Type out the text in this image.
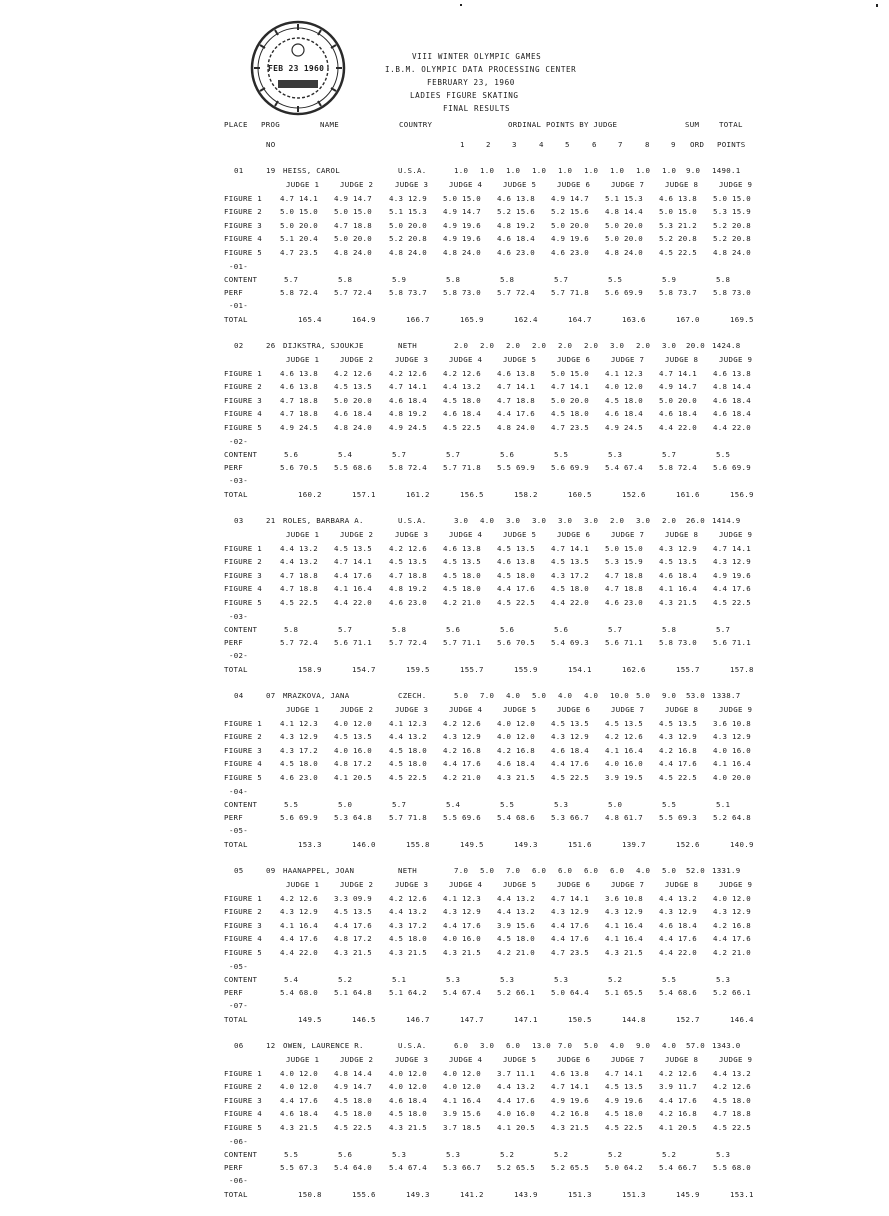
FEB 23 1960
VIII WINTER OLYMPIC GAMES
I.B.M. OLYMPIC DATA PROCESSING CENTER
FEBRUARY 23, 1960
LADIES FIGURE SKATING
FINAL RESULTS
PLACE PROG	NAME	COUNTRY	ORDINAL POINTS BY JUDGE	SUM	TOTAL
NO	1	2	3	4	5	6	7	8	9 ORD POINTS
01	19 HEISS, CAROL	U.S.A.	1.0 1.0 1.0 1.0 1.0 1.0 1.0 1.0 1.0 9.0 1490.1
JUDGE 1	JUDGE 2	JUDGE 3	JUDGE 4	JUDGE 5	JUDGE 6	JUDGE 7	JUDGE 8	JUDGE 9
FIGURE 1 4.7 14.1 4.9 14.7 4.3 12.9 5.0 15.0 4.6 13.8 4.9 14.7 5.1 15.3 4.6 13.8 5.0 15.0
FIGURE 2 5.0 15.0 5.0 15.0 5.1 15.3 4.9 14.7 5.2 15.6 5.2 15.6 4.8 14.4 5.0 15.0 5.3 15.9
FIGURE 3 5.0 20.0 4.7 18.8 5.0 20.0 4.9 19.6 4.8 19.2 5.0 20.0 5.0 20.0 5.3 21.2 5.2 20.8
FIGURE 4 5.1 20.4 5.0 20.0 5.2 20.8 4.9 19.6 4.6 18.4 4.9 19.6 5.0 20.0 5.2 20.8 5.2 20.8
FIGURE 5 4.7 23.5 4.8 24.0 4.8 24.0 4.8 24.0 4.6 23.0 4.6 23.0 4.8 24.0 4.5 22.5 4.8 24.0
-01-
CONTENT	5.7	5.8	5.9	5.8	5.8	5.7	5.5	5.9	5.8
PERF	5.8 72.4 5.7 72.4 5.8 73.7 5.8 73.0 5.7 72.4 5.7 71.8 5.6 69.9 5.8 73.7 5.8 73.0
-01-
TOTAL	165.4	164.9	166.7	165.9	162.4	164.7	163.6	167.0	169.5
02	26 DIJKSTRA, SJOUKJE	NETH	2.0 2.0 2.0 2.0 2.0 2.0 3.0 2.0 3.0 20.0 1424.8
JUDGE 1	JUDGE 2	JUDGE 3	JUDGE 4	JUDGE 5	JUDGE 6	JUDGE 7	JUDGE 8	JUDGE 9
FIGURE 1 4.6 13.8 4.2 12.6 4.2 12.6 4.2 12.6 4.6 13.8 5.0 15.0 4.1 12.3 4.7 14.1 4.6 13.8
FIGURE 2 4.6 13.8 4.5 13.5 4.7 14.1 4.4 13.2 4.7 14.1 4.7 14.1 4.0 12.0 4.9 14.7 4.8 14.4
FIGURE 3 4.7 18.8 5.0 20.0 4.6 18.4 4.5 18.0 4.7 18.8 5.0 20.0 4.5 18.0 5.0 20.0 4.6 18.4
FIGURE 4 4.7 18.8 4.6 18.4 4.8 19.2 4.6 18.4 4.4 17.6 4.5 18.0 4.6 18.4 4.6 18.4 4.6 18.4
FIGURE 5 4.9 24.5 4.8 24.0 4.9 24.5 4.5 22.5 4.8 24.0 4.7 23.5 4.9 24.5 4.4 22.0 4.4 22.0
-02-
CONTENT	5.6	5.4	5.7	5.7	5.6	5.5	5.3	5.7	5.5
PERF	5.6 70.5 5.5 68.6 5.8 72.4 5.7 71.8 5.5 69.9 5.6 69.9 5.4 67.4 5.8 72.4 5.6 69.9
-03-
TOTAL	160.2	157.1	161.2	156.5	158.2	160.5	152.6	161.6	156.9
03	21 ROLES, BARBARA A.	U.S.A.	3.0 4.0 3.0 3.0 3.0 3.0 2.0 3.0 2.0 26.0 1414.9
JUDGE 1	JUDGE 2	JUDGE 3	JUDGE 4	JUDGE 5	JUDGE 6	JUDGE 7	JUDGE 8	JUDGE 9
FIGURE 1 4.4 13.2 4.5 13.5 4.2 12.6 4.6 13.8 4.5 13.5 4.7 14.1 5.0 15.0 4.3 12.9 4.7 14.1
FIGURE 2 4.4 13.2 4.7 14.1 4.5 13.5 4.5 13.5 4.6 13.8 4.5 13.5 5.3 15.9 4.5 13.5 4.3 12.9
FIGURE 3 4.7 18.8 4.4 17.6 4.7 18.8 4.5 18.0 4.5 18.0 4.3 17.2 4.7 18.8 4.6 18.4 4.9 19.6
FIGURE 4 4.7 18.8 4.1 16.4 4.8 19.2 4.5 18.0 4.4 17.6 4.5 18.0 4.7 18.8 4.1 16.4 4.4 17.6
FIGURE 5 4.5 22.5 4.4 22.0 4.6 23.0 4.2 21.0 4.5 22.5 4.4 22.0 4.6 23.0 4.3 21.5 4.5 22.5
-03-
CONTENT	5.8	5.7	5.8	5.6	5.6	5.6	5.7	5.8	5.7
PERF	5.7 72.4 5.6 71.1 5.7 72.4 5.7 71.1 5.6 70.5 5.4 69.3 5.6 71.1 5.8 73.0 5.6 71.1
-02-
TOTAL	158.9	154.7	159.5	155.7	155.9	154.1	162.6	155.7	157.8
04	07 MRAZKOVA, JANA	CZECH.	5.0 7.0 4.0 5.0 4.0 4.0 10.0 5.0 9.0 53.0 1338.7
JUDGE 1	JUDGE 2	JUDGE 3	JUDGE 4	JUDGE 5	JUDGE 6	JUDGE 7	JUDGE 8	JUDGE 9
FIGURE 1 4.1 12.3 4.0 12.0 4.1 12.3 4.2 12.6 4.0 12.0 4.5 13.5 4.5 13.5 4.5 13.5 3.6 10.8
FIGURE 2 4.3 12.9 4.5 13.5 4.4 13.2 4.3 12.9 4.0 12.0 4.3 12.9 4.2 12.6 4.3 12.9 4.3 12.9
FIGURE 3 4.3 17.2 4.0 16.0 4.5 18.0 4.2 16.8 4.2 16.8 4.6 18.4 4.1 16.4 4.2 16.8 4.0 16.0
FIGURE 4 4.5 18.0 4.8 17.2 4.5 18.0 4.4 17.6 4.6 18.4 4.4 17.6 4.0 16.0 4.4 17.6 4.1 16.4
FIGURE 5 4.6 23.0 4.1 20.5 4.5 22.5 4.2 21.0 4.3 21.5 4.5 22.5 3.9 19.5 4.5 22.5 4.0 20.0
-04-
CONTENT	5.5	5.0	5.7	5.4	5.5	5.3	5.0	5.5	5.1
PERF	5.6 69.9 5.3 64.8 5.7 71.8 5.5 69.6 5.4 68.6 5.3 66.7 4.8 61.7 5.5 69.3 5.2 64.8
-05-
TOTAL	153.3	146.0	155.8	149.5	149.3	151.6	139.7	152.6	140.9
05	09 HAANAPPEL, JOAN	NETH	7.0 5.0 7.0 6.0 6.0 6.0 6.0 4.0 5.0 52.0 1331.9
JUDGE 1	JUDGE 2	JUDGE 3	JUDGE 4	JUDGE 5	JUDGE 6	JUDGE 7	JUDGE 8	JUDGE 9
FIGURE 1 4.2 12.6 3.3 09.9 4.2 12.6 4.1 12.3 4.4 13.2 4.7 14.1 3.6 10.8 4.4 13.2 4.0 12.0
FIGURE 2 4.3 12.9 4.5 13.5 4.4 13.2 4.3 12.9 4.4 13.2 4.3 12.9 4.3 12.9 4.3 12.9 4.3 12.9
FIGURE 3 4.1 16.4 4.4 17.6 4.3 17.2 4.4 17.6 3.9 15.6 4.4 17.6 4.1 16.4 4.6 18.4 4.2 16.8
FIGURE 4 4.4 17.6 4.8 17.2 4.5 18.0 4.0 16.0 4.5 18.0 4.4 17.6 4.1 16.4 4.4 17.6 4.4 17.6
FIGURE 5 4.4 22.0 4.3 21.5 4.3 21.5 4.3 21.5 4.2 21.0 4.7 23.5 4.3 21.5 4.4 22.0 4.2 21.0
-05-
CONTENT	5.4	5.2	5.1	5.3	5.3	5.3	5.2	5.5	5.3
PERF	5.4 68.0 5.1 64.8 5.1 64.2 5.4 67.4 5.2 66.1 5.0 64.4 5.1 65.5 5.4 68.6 5.2 66.1
-07-
TOTAL	149.5	146.5	146.7	147.7	147.1	150.5	144.8	152.7	146.4
06	12 OWEN, LAURENCE R.	U.S.A.	6.0 3.0 6.0 13.0 7.0 5.0 4.0 9.0 4.0 57.0 1343.0
JUDGE 1	JUDGE 2	JUDGE 3	JUDGE 4	JUDGE 5	JUDGE 6	JUDGE 7	JUDGE 8	JUDGE 9
FIGURE 1 4.0 12.0 4.8 14.4 4.0 12.0 4.0 12.0 3.7 11.1 4.6 13.8 4.7 14.1 4.2 12.6 4.4 13.2
FIGURE 2 4.0 12.0 4.9 14.7 4.0 12.0 4.0 12.0 4.4 13.2 4.7 14.1 4.5 13.5 3.9 11.7 4.2 12.6
FIGURE 3 4.4 17.6 4.5 18.0 4.6 18.4 4.1 16.4 4.4 17.6 4.9 19.6 4.9 19.6 4.4 17.6 4.5 18.0
FIGURE 4 4.6 18.4 4.5 18.0 4.5 18.0 3.9 15.6 4.0 16.0 4.2 16.8 4.5 18.0 4.2 16.8 4.7 18.8
FIGURE 5 4.3 21.5 4.5 22.5 4.3 21.5 3.7 18.5 4.1 20.5 4.3 21.5 4.5 22.5 4.1 20.5 4.5 22.5
-06-
CONTENT	5.5	5.6	5.3	5.3	5.2	5.2	5.2	5.2	5.3
PERF	5.5 67.3 5.4 64.0 5.4 67.4 5.3 66.7 5.2 65.5 5.2 65.5 5.0 64.2 5.4 66.7 5.5 68.0
-06-
TOTAL	150.8	155.6	149.3	141.2	143.9	151.3	151.3	145.9	153.1
